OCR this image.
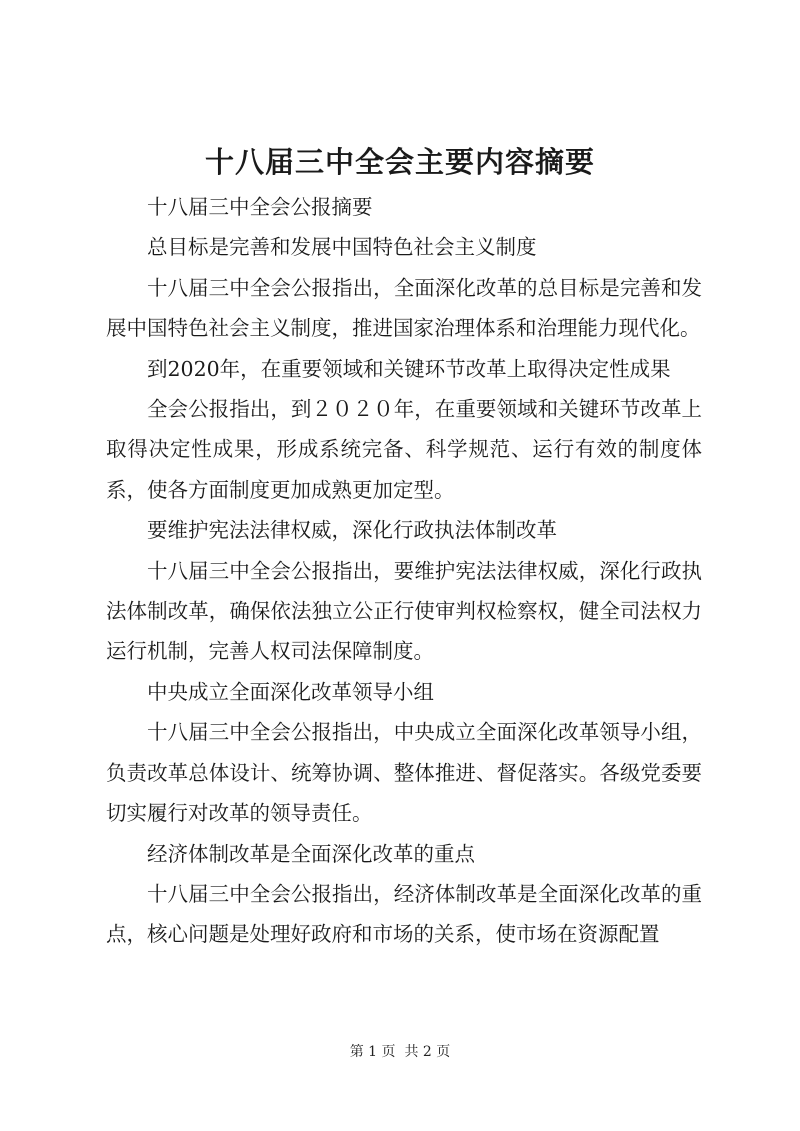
十八届三中全会主要内容摘要

十八届三中全会公报摘要

总目标是完善和发展中国特色社会主义制度

十八届三中全会公报指出，全面深化改革的总目标是完善和发展中国特色社会主义制度，推进国家治理体系和治理能力现代化。

到2020年，在重要领域和关键环节改革上取得决定性成果

全会公报指出，到２０２０年，在重要领域和关键环节改革上取得决定性成果，形成系统完备、科学规范、运行有效的制度体系，使各方面制度更加成熟更加定型。

要维护宪法法律权威，深化行政执法体制改革

十八届三中全会公报指出，要维护宪法法律权威，深化行政执法体制改革，确保依法独立公正行使审判权检察权，健全司法权力运行机制，完善人权司法保障制度。

中央成立全面深化改革领导小组

十八届三中全会公报指出，中央成立全面深化改革领导小组，负责改革总体设计、统筹协调、整体推进、督促落实。各级党委要切实履行对改革的领导责任。

经济体制改革是全面深化改革的重点

十八届三中全会公报指出，经济体制改革是全面深化改革的重点，核心问题是处理好政府和市场的关系，使市场在资源配置

第 1 页  共 2 页
